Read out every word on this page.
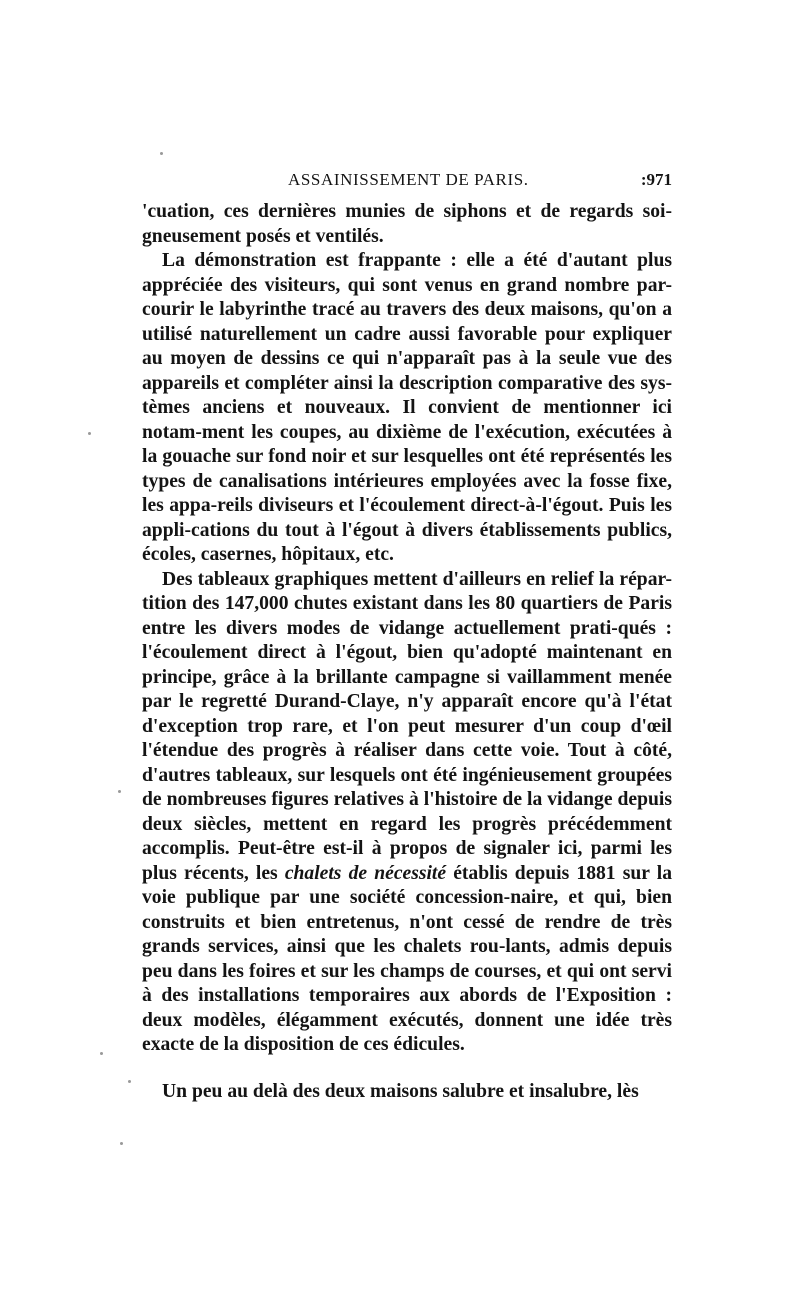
ASSAINISSEMENT DE PARIS.	:971

'cuation, ces dernières munies de siphons et de regards soi-gneusement posés et ventilés.

La démonstration est frappante : elle a été d'autant plus appréciée des visiteurs, qui sont venus en grand nombre par-courir le labyrinthe tracé au travers des deux maisons, qu'on a utilisé naturellement un cadre aussi favorable pour expliquer au moyen de dessins ce qui n'apparaît pas à la seule vue des appareils et compléter ainsi la description comparative des sys-tèmes anciens et nouveaux. Il convient de mentionner ici notam-ment les coupes, au dixième de l'exécution, exécutées à la gouache sur fond noir et sur lesquelles ont été représentés les types de canalisations intérieures employées avec la fosse fixe, les appa-reils diviseurs et l'écoulement direct-à-l'égout. Puis les appli-cations du tout à l'égout à divers établissements publics, écoles, casernes, hôpitaux, etc.

Des tableaux graphiques mettent d'ailleurs en relief la répar-tition des 147,000 chutes existant dans les 80 quartiers de Paris entre les divers modes de vidange actuellement prati-qués : l'écoulement direct à l'égout, bien qu'adopté maintenant en principe, grâce à la brillante campagne si vaillamment menée par le regretté Durand-Claye, n'y apparaît encore qu'à l'état d'exception trop rare, et l'on peut mesurer d'un coup d'œil l'étendue des progrès à réaliser dans cette voie. Tout à côté, d'autres tableaux, sur lesquels ont été ingénieusement groupées de nombreuses figures relatives à l'histoire de la vidange depuis deux siècles, mettent en regard les progrès précédemment accomplis. Peut-être est-il à propos de signaler ici, parmi les plus récents, les chalets de nécessité établis depuis 1881 sur la voie publique par une société concession-naire, et qui, bien construits et bien entretenus, n'ont cessé de rendre de très grands services, ainsi que les chalets rou-lants, admis depuis peu dans les foires et sur les champs de courses, et qui ont servi à des installations temporaires aux abords de l'Exposition : deux modèles, élégamment exécutés, donnent une idée très exacte de la disposition de ces édicules.

Un peu au delà des deux maisons salubre et insalubre, lès
